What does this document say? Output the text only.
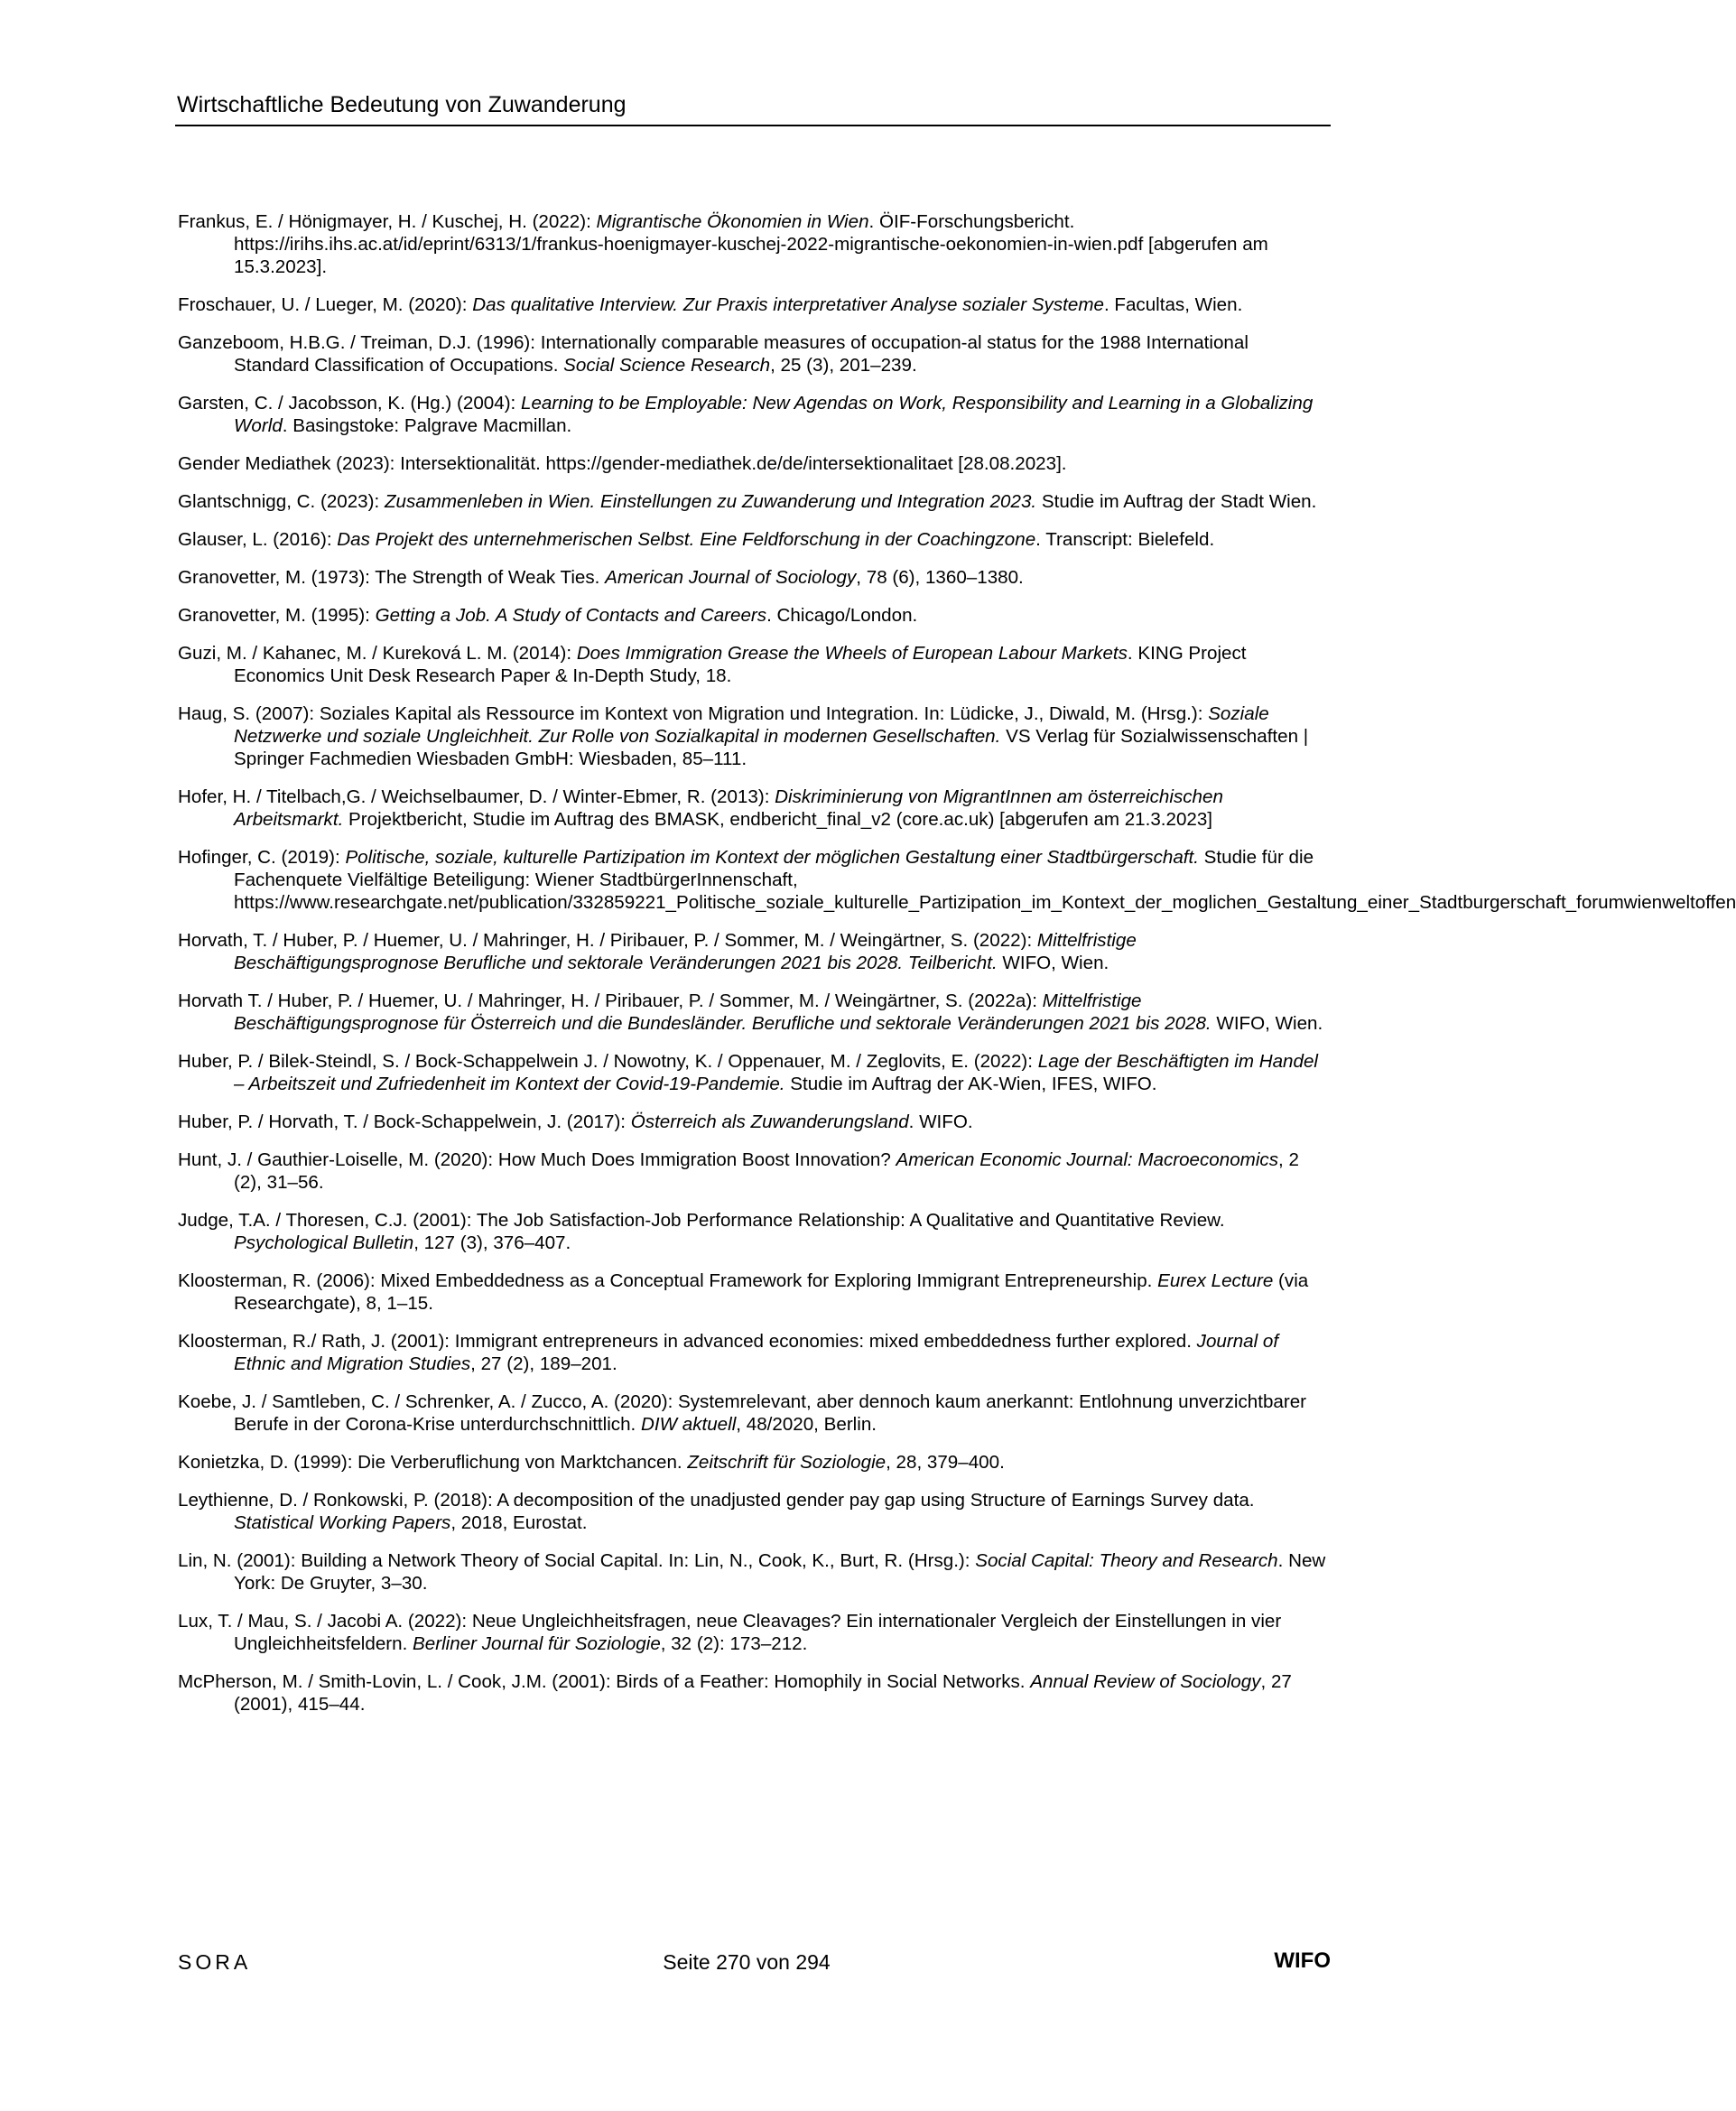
Wirtschaftliche Bedeutung von Zuwanderung

Frankus, E. / Hönigmayer, H. / Kuschej, H. (2022): Migrantische Ökonomien in Wien. ÖIF-Forschungsbericht. https://irihs.ihs.ac.at/id/eprint/6313/1/frankus-hoenigmayer-kuschej-2022-migrantische-oekonomien-in-wien.pdf [abgerufen am 15.3.2023].

Froschauer, U. / Lueger, M. (2020): Das qualitative Interview. Zur Praxis interpretativer Analyse sozialer Systeme. Facultas, Wien.

Ganzeboom, H.B.G. / Treiman, D.J. (1996): Internationally comparable measures of occupation-al status for the 1988 International Standard Classification of Occupations. Social Science Research, 25 (3), 201–239.

Garsten, C. / Jacobsson, K. (Hg.) (2004): Learning to be Employable: New Agendas on Work, Responsibility and Learning in a Globalizing World. Basingstoke: Palgrave Macmillan.

Gender Mediathek (2023): Intersektionalität. https://gender-mediathek.de/de/intersektionalitaet [28.08.2023].

Glantschnigg, C. (2023): Zusammenleben in Wien. Einstellungen zu Zuwanderung und Integration 2023. Studie im Auftrag der Stadt Wien.

Glauser, L. (2016): Das Projekt des unternehmerischen Selbst. Eine Feldforschung in der Coachingzone. Transcript: Bielefeld.

Granovetter, M. (1973): The Strength of Weak Ties. American Journal of Sociology, 78 (6), 1360–1380.

Granovetter, M. (1995): Getting a Job. A Study of Contacts and Careers. Chicago/London.

Guzi, M. / Kahanec, M. / Kureková L. M. (2014): Does Immigration Grease the Wheels of European Labour Markets. KING Project Economics Unit Desk Research Paper & In-Depth Study, 18.

Haug, S. (2007): Soziales Kapital als Ressource im Kontext von Migration und Integration. In: Lüdicke, J., Diwald, M. (Hrsg.): Soziale Netzwerke und soziale Ungleichheit. Zur Rolle von Sozialkapital in modernen Gesellschaften. VS Verlag für Sozialwissenschaften | Springer Fachmedien Wiesbaden GmbH: Wiesbaden, 85–111.

Hofer, H. / Titelbach,G. / Weichselbaumer, D. / Winter-Ebmer, R. (2013): Diskriminierung von MigrantInnen am österreichischen Arbeitsmarkt. Projektbericht, Studie im Auftrag des BMASK, endbericht_final_v2 (core.ac.uk) [abgerufen am 21.3.2023]

Hofinger, C. (2019): Politische, soziale, kulturelle Partizipation im Kontext der möglichen Gestaltung einer Stadtbürgerschaft. Studie für die Fachenquete Vielfältige Beteiligung: Wiener StadtbürgerInnenschaft, https://www.researchgate.net/publication/332859221_Politische_soziale_kulturelle_Partizipation_im_Kontext_der_moglichen_Gestaltung_einer_Stadtburgerschaft_forumwienweltoffen

Horvath, T. / Huber, P. / Huemer, U. / Mahringer, H. / Piribauer, P. / Sommer, M. / Weingärtner, S. (2022): Mittelfristige Beschäftigungsprognose Berufliche und sektorale Veränderungen 2021 bis 2028. Teilbericht. WIFO, Wien.

Horvath T. / Huber, P. / Huemer, U. / Mahringer, H. / Piribauer, P. / Sommer, M. / Weingärtner, S. (2022a): Mittelfristige Beschäftigungsprognose für Österreich und die Bundesländer. Berufliche und sektorale Veränderungen 2021 bis 2028. WIFO, Wien.

Huber, P. / Bilek-Steindl, S. / Bock-Schappelwein J. / Nowotny, K. / Oppenauer, M. / Zeglovits, E. (2022): Lage der Beschäftigten im Handel – Arbeitszeit und Zufriedenheit im Kontext der Covid-19-Pandemie. Studie im Auftrag der AK-Wien, IFES, WIFO.

Huber, P. / Horvath, T. / Bock-Schappelwein, J. (2017): Österreich als Zuwanderungsland. WIFO.

Hunt, J. / Gauthier-Loiselle, M. (2020): How Much Does Immigration Boost Innovation? American Economic Journal: Macroeconomics, 2 (2), 31–56.

Judge, T.A. / Thoresen, C.J. (2001): The Job Satisfaction-Job Performance Relationship: A Qualitative and Quantitative Review. Psychological Bulletin, 127 (3), 376–407.

Kloosterman, R. (2006): Mixed Embeddedness as a Conceptual Framework for Exploring Immigrant Entrepreneurship. Eurex Lecture (via Researchgate), 8, 1–15.

Kloosterman, R./ Rath, J. (2001): Immigrant entrepreneurs in advanced economies: mixed embeddedness further explored. Journal of Ethnic and Migration Studies, 27 (2), 189–201.

Koebe, J. / Samtleben, C. / Schrenker, A. / Zucco, A. (2020): Systemrelevant, aber dennoch kaum anerkannt: Entlohnung unverzichtbarer Berufe in der Corona-Krise unterdurchschnittlich. DIW aktuell, 48/2020, Berlin.

Konietzka, D. (1999): Die Verberuflichung von Marktchancen. Zeitschrift für Soziologie, 28, 379–400.

Leythienne, D. / Ronkowski, P. (2018): A decomposition of the unadjusted gender pay gap using Structure of Earnings Survey data. Statistical Working Papers, 2018, Eurostat.

Lin, N. (2001): Building a Network Theory of Social Capital. In: Lin, N., Cook, K., Burt, R. (Hrsg.): Social Capital: Theory and Research. New York: De Gruyter, 3–30.

Lux, T. / Mau, S. / Jacobi A. (2022): Neue Ungleichheitsfragen, neue Cleavages? Ein internationaler Vergleich der Einstellungen in vier Ungleichheitsfeldern. Berliner Journal für Soziologie, 32 (2): 173–212.

McPherson, M. / Smith-Lovin, L. / Cook, J.M. (2001): Birds of a Feather: Homophily in Social Networks. Annual Review of Sociology, 27 (2001), 415–44.

SORA	Seite 270 von 294	WIFO
